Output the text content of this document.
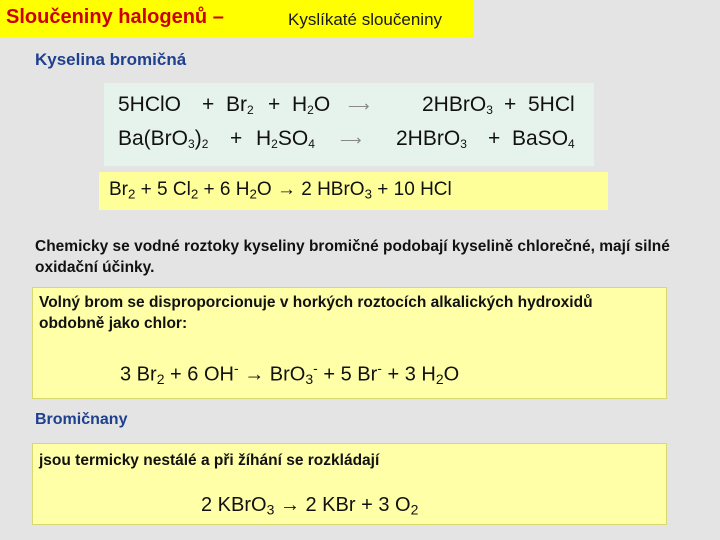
Sloučeniny halogenů –	Kyslíkaté sloučeniny
Kyselina bromičná
5HClO + $Br_2 + H_2O$ ⟶ 2HBrO$_3$ + 5HCl
$Ba(BrO_3)_2 + H_2SO_4$ ⟶ 2HBrO$_3$ + BaSO$_4$
$Br_2 + 5$ $Cl_2 + 6$ $H_2O \to 2$ HBrO$_3$ + 10 HCl
Chemicky se vodné roztoky kyseliny bromičné podobají kyselině chlorečné, mají silné oxidační účinky.
Volný brom se disproporcionuje v horkých roztocích alkalických hydroxidů obdobně jako chlor:
3 $Br_2 + 6$ OH- → BrO$_3$- + 5 Br- + 3 $H_2O$
Bromičnany
jsou termicky nestálé a při žíhání se rozkládají
2 KBrO$_3$ → 2 KBr + 3 $O_2$
